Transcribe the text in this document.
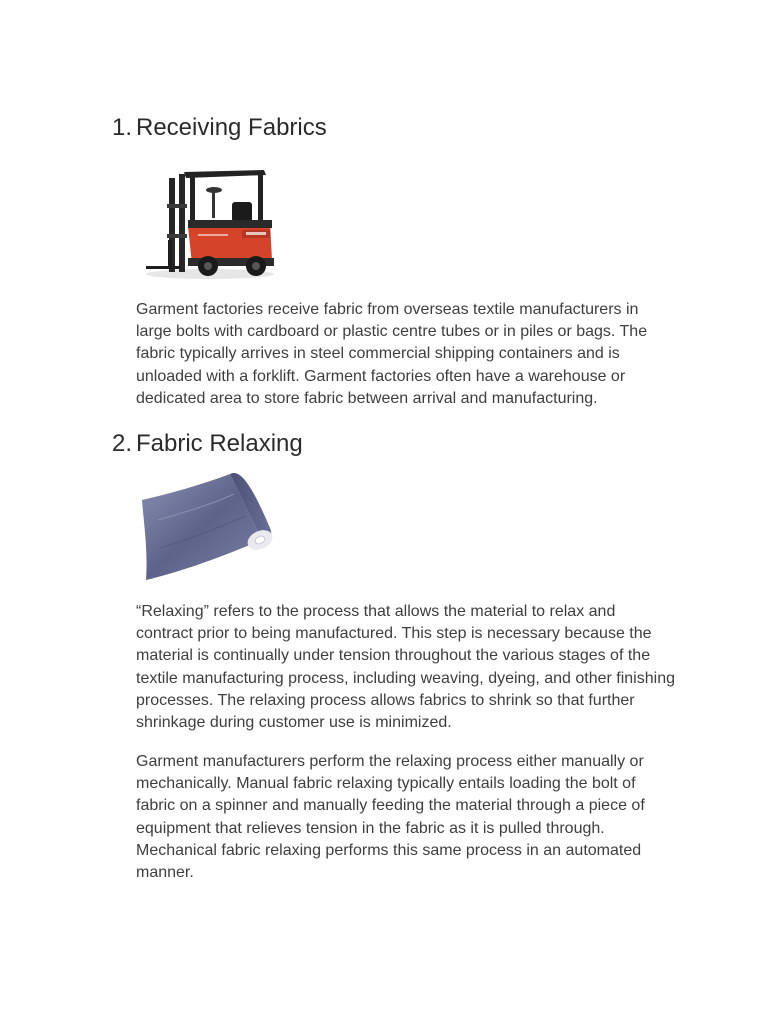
1. Receiving Fabrics

Garment factories receive fabric from overseas textile manufacturers in large bolts with cardboard or plastic centre tubes or in piles or bags. The fabric typically arrives in steel commercial shipping containers and is unloaded with a forklift. Garment factories often have a warehouse or dedicated area to store fabric between arrival and manufacturing.

2. Fabric Relaxing

“Relaxing” refers to the process that allows the material to relax and contract prior to being manufactured. This step is necessary because the material is continually under tension throughout the various stages of the textile manufacturing process, including weaving, dyeing, and other finishing processes. The relaxing process allows fabrics to shrink so that further shrinkage during customer use is minimized.

Garment manufacturers perform the relaxing process either manually or mechanically. Manual fabric relaxing typically entails loading the bolt of fabric on a spinner and manually feeding the material through a piece of equipment that relieves tension in the fabric as it is pulled through. Mechanical fabric relaxing performs this same process in an automated manner.
